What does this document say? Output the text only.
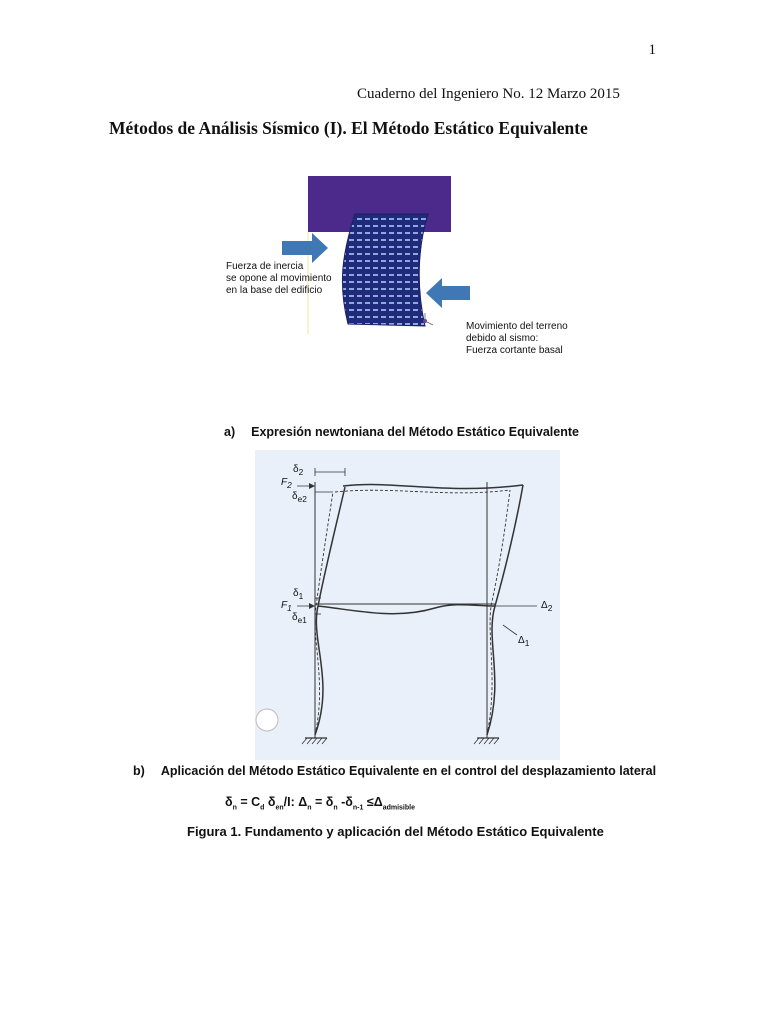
1
Cuaderno del Ingeniero No. 12 Marzo 2015
Métodos de Análisis Sísmico (I). El Método Estático Equivalente
Fuerza de inercia
se opone al movimiento
en la base del edificio
Movimiento del terreno
debido al sismo:
Fuerza cortante basal
a) Expresión newtoniana del Método Estático Equivalente
$\delta_2$
$F_2$
$\delta_{e2}$
$\delta_1$
$F_1$
$\delta_{e1}$
$\Delta_2$
$\Delta_1$
b) Aplicación del Método Estático Equivalente en el control del desplazamiento lateral
$\delta_n = C_d$ $\delta_{en}/I$: $\Delta_n = \delta_n$ $-\delta_{n-1} \le\Delta_{admisible}$
Figura 1. Fundamento y aplicación del Método Estático Equivalente
